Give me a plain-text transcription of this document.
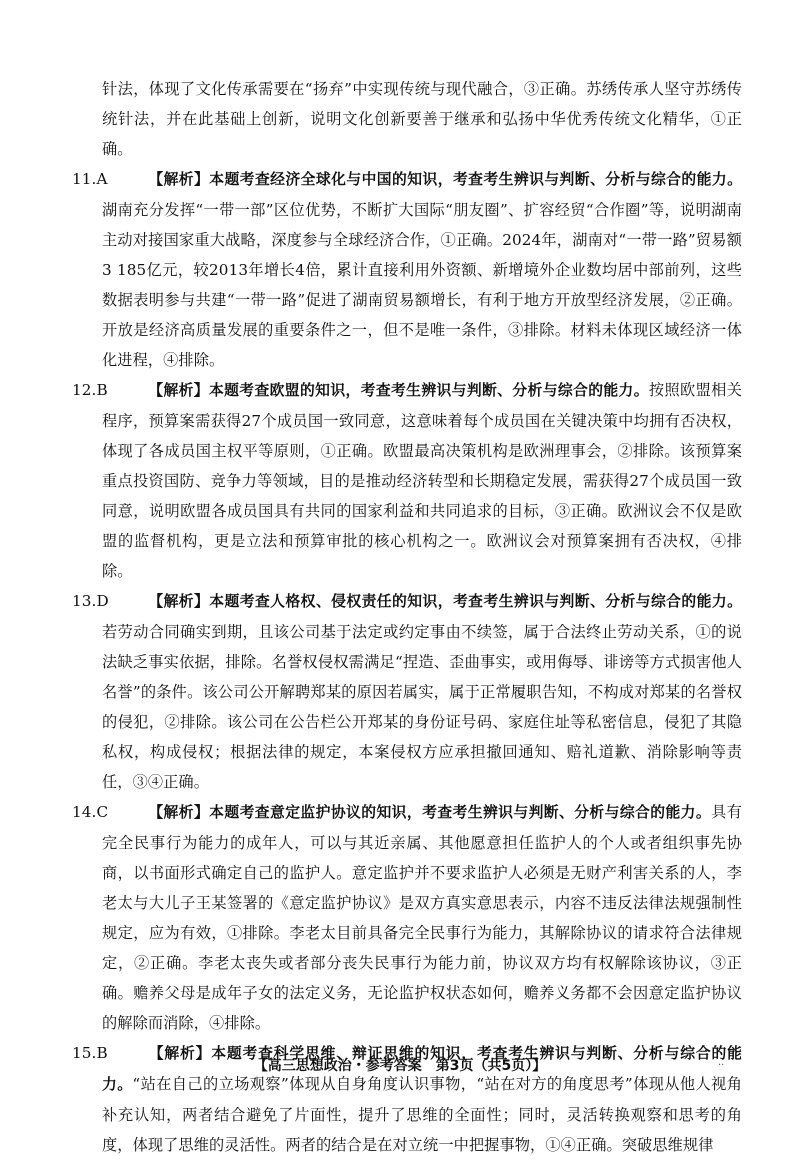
针法，体现了文化传承需要在“扬弃”中实现传统与现代融合，③正确。苏绣传承人坚守苏绣传统针法，并在此基础上创新，说明文化创新要善于继承和弘扬中华优秀传统文化精华，①正确。

11.A	【解析】本题考查经济全球化与中国的知识，考查考生辨识与判断、分析与综合的能力。湖南充分发挥“一带一部”区位优势，不断扩大国际“朋友圈”、扩容经贸“合作圈”等，说明湖南主动对接国家重大战略，深度参与全球经济合作，①正确。2024年，湖南对“一带一路”贸易额3 185亿元，较2013年增长4倍，累计直接利用外资额、新增境外企业数均居中部前列，这些数据表明参与共建“一带一路”促进了湖南贸易额增长，有利于地方开放型经济发展，②正确。开放是经济高质量发展的重要条件之一，但不是唯一条件，③排除。材料未体现区域经济一体化进程，④排除。
12.B	【解析】本题考查欧盟的知识，考查考生辨识与判断、分析与综合的能力。按照欧盟相关程序，预算案需获得27个成员国一致同意，这意味着每个成员国在关键决策中均拥有否决权，体现了各成员国主权平等原则，①正确。欧盟最高决策机构是欧洲理事会，②排除。该预算案重点投资国防、竞争力等领域，目的是推动经济转型和长期稳定发展，需获得27个成员国一致同意，说明欧盟各成员国具有共同的国家利益和共同追求的目标，③正确。欧洲议会不仅是欧盟的监督机构，更是立法和预算审批的核心机构之一。欧洲议会对预算案拥有否决权，④排除。
13.D	【解析】本题考查人格权、侵权责任的知识，考查考生辨识与判断、分析与综合的能力。若劳动合同确实到期，且该公司基于法定或约定事由不续签，属于合法终止劳动关系，①的说法缺乏事实依据，排除。名誉权侵权需满足“捏造、歪曲事实，或用侮辱、诽谤等方式损害他人名誉”的条件。该公司公开解聘郑某的原因若属实，属于正常履职告知，不构成对郑某的名誉权的侵犯，②排除。该公司在公告栏公开郑某的身份证号码、家庭住址等私密信息，侵犯了其隐私权，构成侵权；根据法律的规定，本案侵权方应承担撤回通知、赔礼道歉、消除影响等责任，③④正确。
14.C	【解析】本题考查意定监护协议的知识，考查考生辨识与判断、分析与综合的能力。具有完全民事行为能力的成年人，可以与其近亲属、其他愿意担任监护人的个人或者组织事先协商，以书面形式确定自己的监护人。意定监护并不要求监护人必须是无财产利害关系的人，李老太与大儿子王某签署的《意定监护协议》是双方真实意思表示，内容不违反法律法规强制性规定，应为有效，①排除。李老太目前具备完全民事行为能力，其解除协议的请求符合法律规定，②正确。李老太丧失或者部分丧失民事行为能力前，协议双方均有权解除该协议，③正确。赡养父母是成年子女的法定义务，无论监护权状态如何，赡养义务都不会因意定监护协议的解除而消除，④排除。
15.B	【解析】本题考查科学思维、辩证思维的知识，考查考生辨识与判断、分析与综合的能力。“站在自己的立场观察”体现从自身角度认识事物，“站在对方的角度思考”体现从他人视角补充认知，两者结合避免了片面性，提升了思维的全面性；同时，灵活转换观察和思考的角度，体现了思维的灵活性。两者的结合是在对立统一中把握事物，①④正确。突破思维规律
【高三思想政治・参考答案　第3页（共5页）】	··
